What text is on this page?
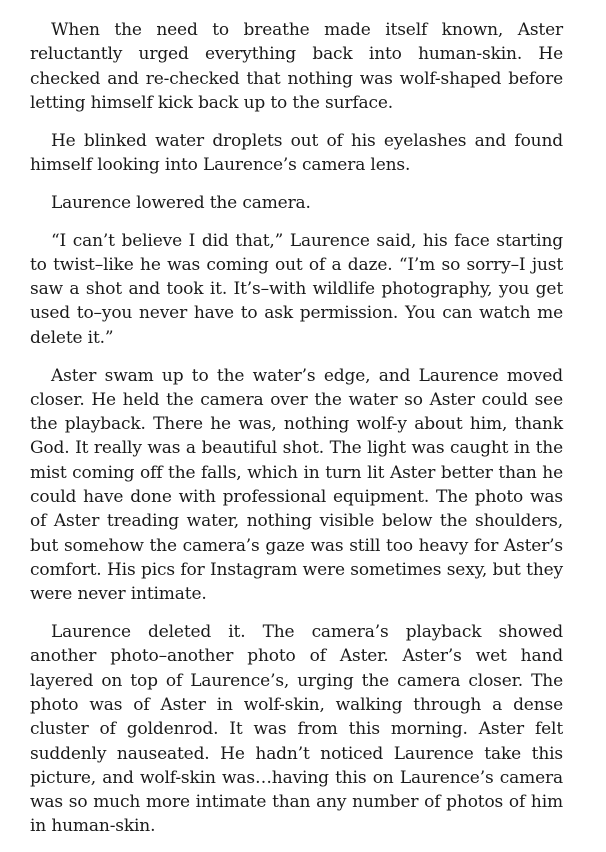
When the need to breathe made itself known, Aster reluctantly urged everything back into human-skin. He checked and re-checked that nothing was wolf-shaped before letting himself kick back up to the surface.

He blinked water droplets out of his eyelashes and found himself looking into Laurence’s camera lens.

Laurence lowered the camera.

“I can’t believe I did that,” Laurence said, his face starting to twist–like he was coming out of a daze. “I’m so sorry–I just saw a shot and took it. It’s–with wildlife photography, you get used to–you never have to ask permission. You can watch me delete it.”

Aster swam up to the water’s edge, and Laurence moved closer. He held the camera over the water so Aster could see the playback. There he was, nothing wolf-y about him, thank God. It really was a beautiful shot. The light was caught in the mist coming off the falls, which in turn lit Aster better than he could have done with professional equipment. The photo was of Aster treading water, nothing visible below the shoulders, but somehow the camera’s gaze was still too heavy for Aster’s comfort. His pics for Instagram were sometimes sexy, but they were never intimate.

Laurence deleted it. The camera’s playback showed another photo–another photo of Aster. Aster’s wet hand layered on top of Laurence’s, urging the camera closer. The photo was of Aster in wolf-skin, walking through a dense cluster of goldenrod. It was from this morning. Aster felt suddenly nauseated. He hadn’t noticed Laurence take this picture, and wolf-skin was…having this on Laurence’s camera was so much more intimate than any number of photos of him in human-skin.
